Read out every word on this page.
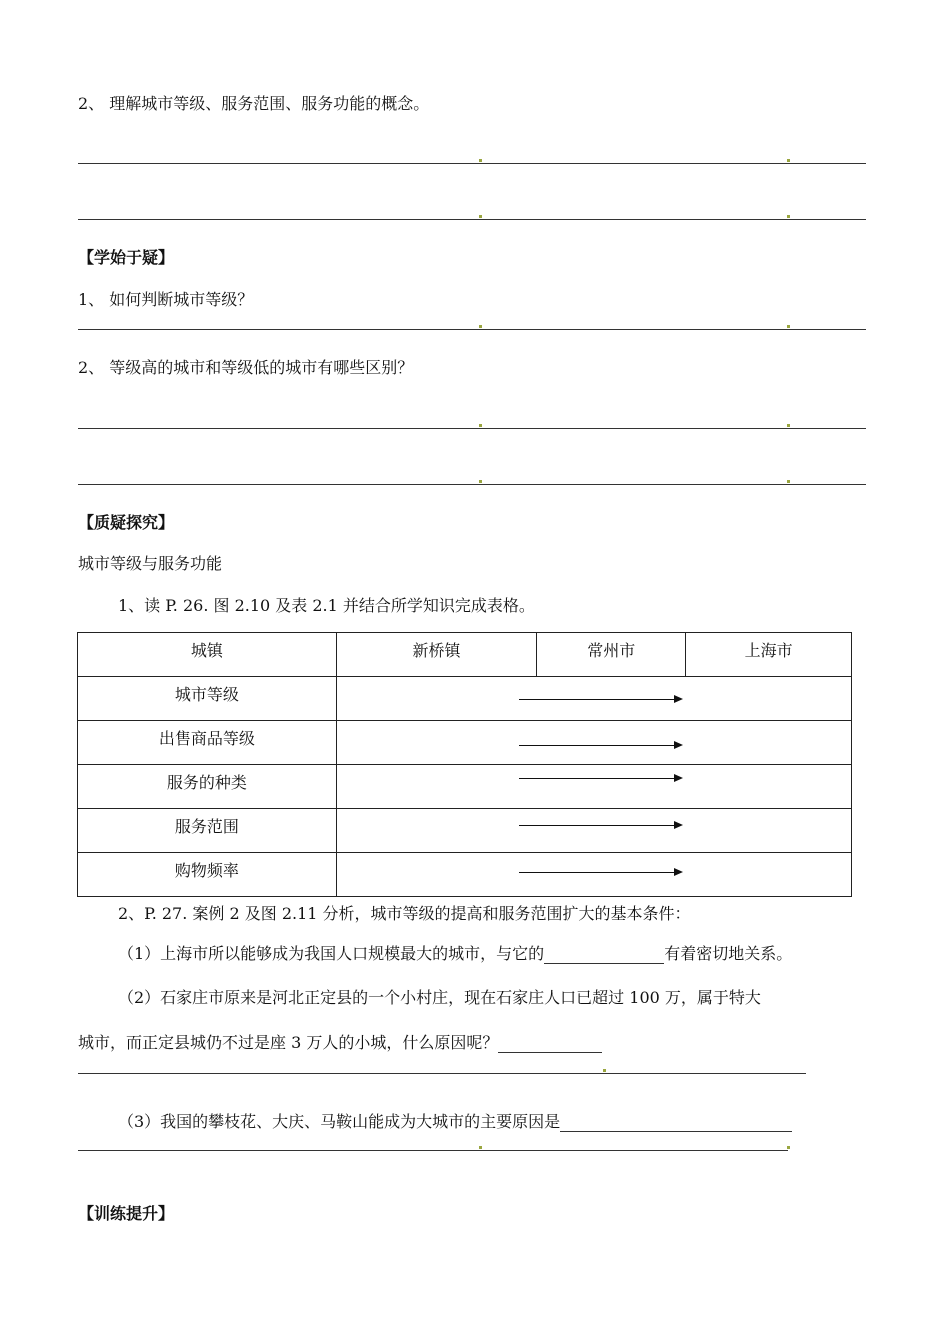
2、 理解城市等级、服务范围、服务功能的概念。
【学始于疑】
1、 如何判断城市等级？
2、 等级高的城市和等级低的城市有哪些区别？
【质疑探究】
城市等级与服务功能
1、读 P. 26. 图 2.10 及表 2.1 并结合所学知识完成表格。
城镇	新桥镇	常州市	上海市

城市等级			

出售商品等级			

服务的种类			

服务范围			

购物频率			

2、P. 27. 案例 2 及图 2.11 分析，城市等级的提高和服务范围扩大的基本条件：
（1）上海市所以能够成为我国人口规模最大的城市，与它的	有着密切地关系。
（2）石家庄市原来是河北正定县的一个小村庄，现在石家庄人口已超过 100 万，属于特大
城市，而正定县城仍不过是座 3 万人的小城，什么原因呢？
（3）我国的攀枝花、大庆、马鞍山能成为大城市的主要原因是
【训练提升】
